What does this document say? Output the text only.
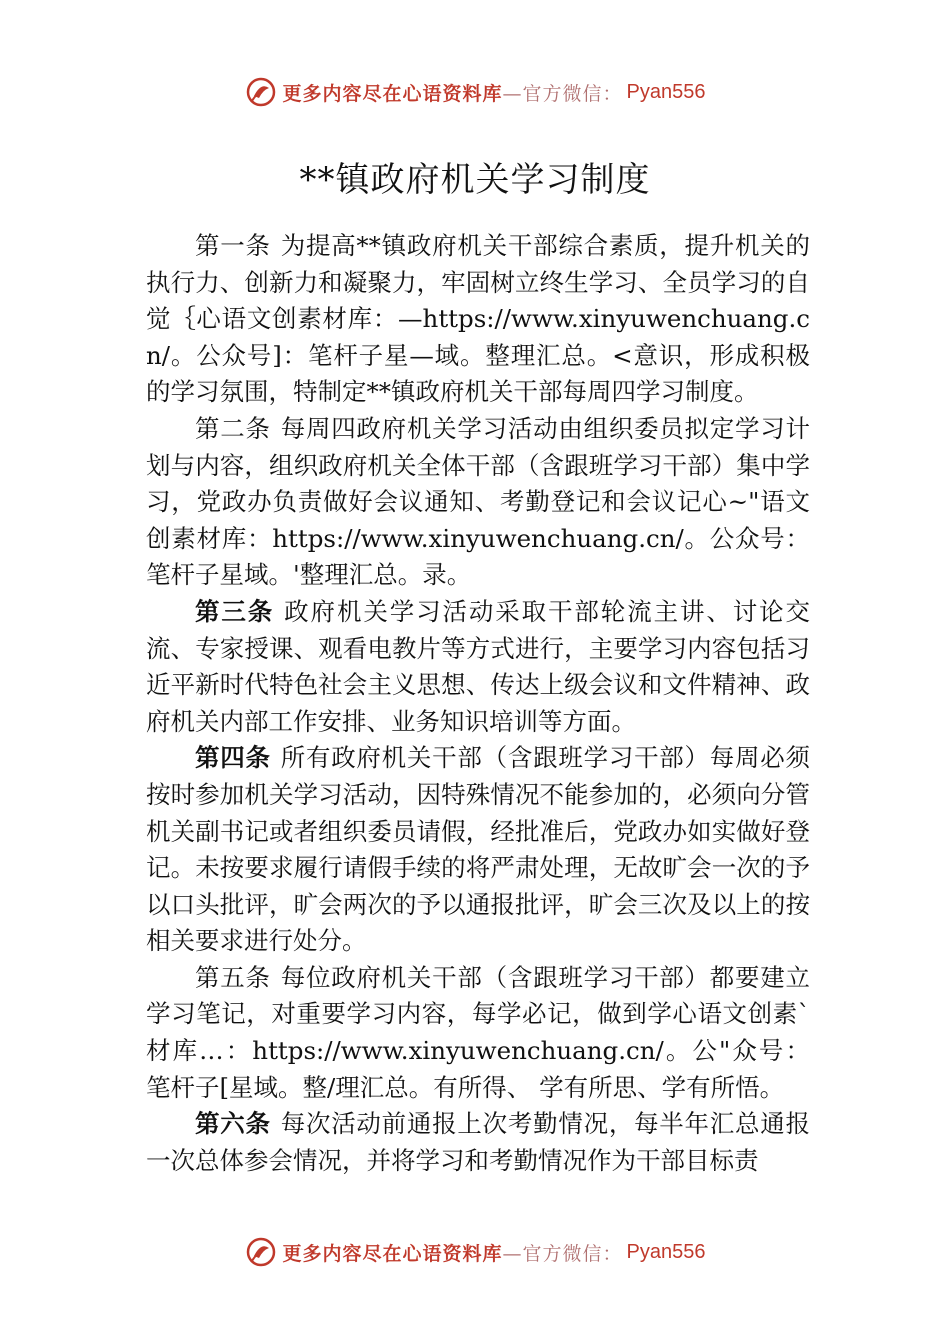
更多内容尽在心语资料库 —官方微信： Pyan556
**镇政府机关学习制度

第一条 为提高**镇政府机关干部综合素质，提升机关的执行力、创新力和凝聚力，牢固树立终生学习、全员学习的自觉｛心语文创素材库：—https://www.xinyuwenchuang.cn/。公众号]：笔杆子星—域。整理汇总。<意识，形成积极的学习氛围，特制定**镇政府机关干部每周四学习制度。

第二条 每周四政府机关学习活动由组织委员拟定学习计划与内容，组织政府机关全体干部（含跟班学习干部）集中学习，党政办负责做好会议通知、考勤登记和会议记心~"语文创素材库：https://www.xinyuwenchuang.cn/。公众号：笔杆子星域。'整理汇总。录。

第三条 政府机关学习活动采取干部轮流主讲、讨论交流、专家授课、观看电教片等方式进行，主要学习内容包括习近平新时代特色社会主义思想、传达上级会议和文件精神、政府机关内部工作安排、业务知识培训等方面。

第四条 所有政府机关干部（含跟班学习干部）每周必须按时参加机关学习活动，因特殊情况不能参加的，必须向分管机关副书记或者组织委员请假，经批准后，党政办如实做好登记。未按要求履行请假手续的将严肃处理，无故旷会一次的予以口头批评，旷会两次的予以通报批评，旷会三次及以上的按相关要求进行处分。

第五条 每位政府机关干部（含跟班学习干部）都要建立学习笔记，对重要学习内容，每学必记，做到学心语文创素`材库…：https://www.xinyuwenchuang.cn/。公"众号：笔杆子[星域。整/理汇总。有所得、 学有所思、学有所悟。

第六条 每次活动前通报上次考勤情况，每半年汇总通报一次总体参会情况，并将学习和考勤情况作为干部目标责

更多内容尽在心语资料库 —官方微信： Pyan556
